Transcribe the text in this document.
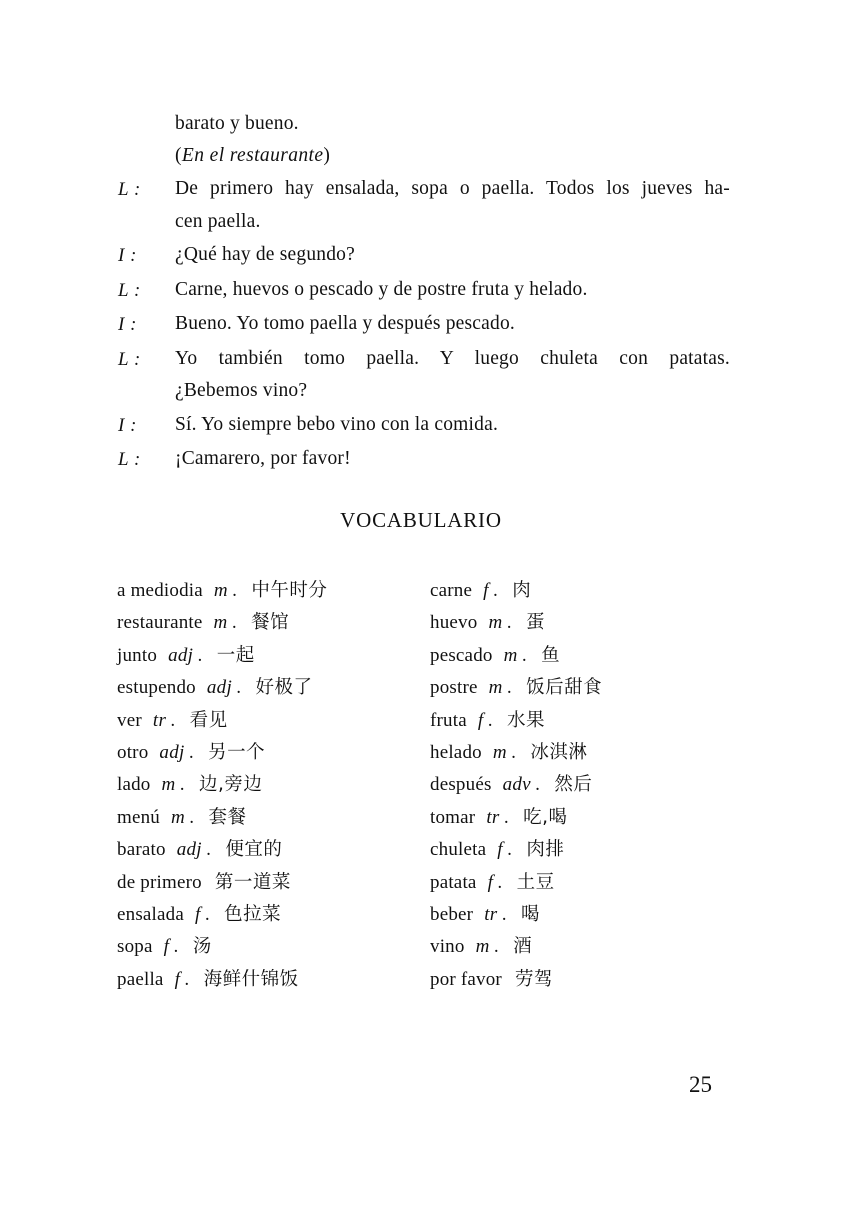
barato y bueno.
(En el restaurante)
L :	De primero hay ensalada, sopa o paella. Todos los jueves ha-

cen paella.

I :	¿Qué hay de segundo?

L :	Carne, huevos o pescado y de postre fruta y helado.

I :	Bueno. Yo tomo paella y después pescado.

L :	Yo también tomo paella. Y luego chuleta con patatas.

¿Bebemos vino?

I :	Sí. Yo siempre bebo vino con la comida.

L :	¡Camarero, por favor!

VOCABULARIO
a mediodia m .	中午时分
restaurante m .	餐馆
junto adj .	一起
estupendo adj .	好极了
ver tr .	看见
otro adj .	另一个
lado m .	边,旁边
menú m .	套餐
barato adj .	便宜的
de primero 第一道菜
ensalada f .	色拉菜
sopa f .	汤
paella f .	海鲜什锦饭
carne f .	肉
huevo m .	蛋
pescado m .	鱼
postre m .	饭后甜食
fruta f .	水果
helado m .	冰淇淋
después adv .	然后
tomar tr .	吃,喝
chuleta f .	肉排
patata f .	土豆
beber tr .	喝
vino m .	酒
por favor 劳驾
25
